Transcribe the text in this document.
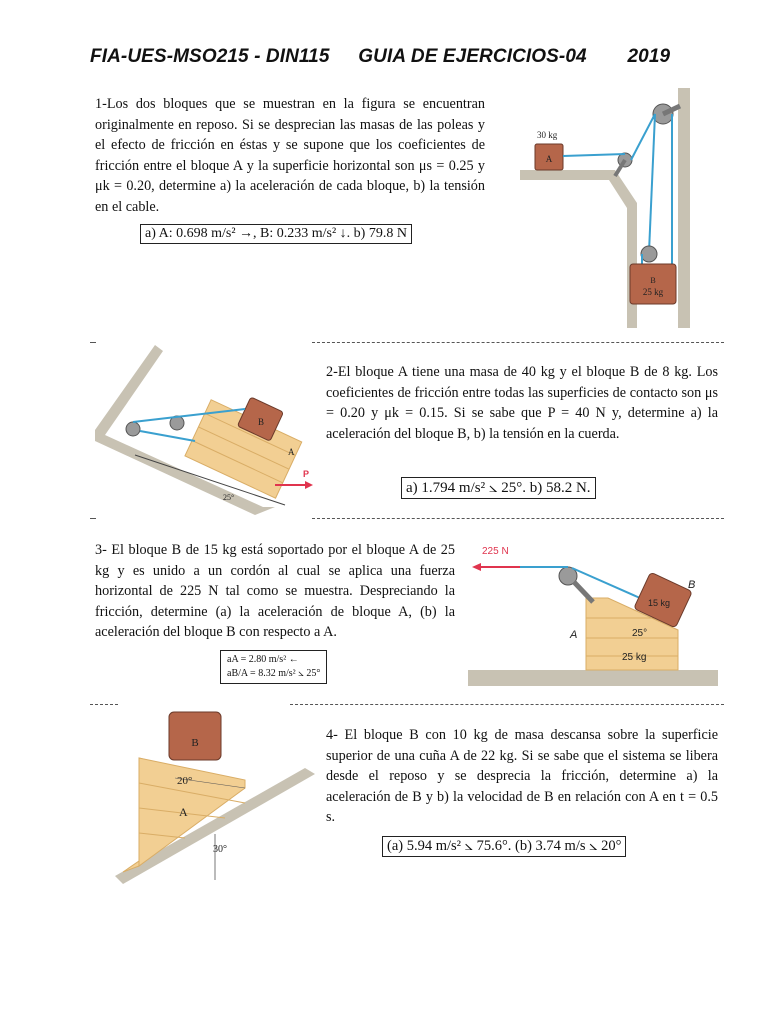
FIA-UES-MSO215 - DIN115 GUIA DE EJERCICIOS-04 2019
1-Los dos bloques que se muestran en la figura se encuentran originalmente en reposo. Si se desprecian las masas de las poleas y el efecto de fricción en éstas y se supone que los coeficientes de fricción entre el bloque A y la superficie horizontal son μs = 0.25 y μk = 0.20, determine a) la aceleración de cada bloque, b) la tensión en el cable.
a) A: 0.698 m/s² →, B: 0.233 m/s² ↓. b) 79.8 N
A
30 kg
B
25 kg
A
B
P
25°
2-El bloque A tiene una masa de 40 kg y el bloque B de 8 kg. Los coeficientes de fricción entre todas las superficies de contacto son μs = 0.20 y μk = 0.15. Si se sabe que P = 40 N y, determine a) la aceleración del bloque B, b) la tensión en la cuerda.
a) 1.794 m/s² ⦣ 25°. b) 58.2 N.
3- El bloque B de 15 kg está soportado por el bloque A de 25 kg y es unido a un cordón al cual se aplica una fuerza horizontal de 225 N tal como se muestra. Despreciando la fricción, determine (a) la aceleración de bloque A, (b) la aceleración del bloque B con respecto a A.
aA = 2.80 m/s² ←
aB/A = 8.32 m/s² ⦣ 25°
225 N
15 kg
B
25°
A
25 kg
B
20°
A
30°
4- El bloque B con 10 kg de masa descansa sobre la superficie superior de una cuña A de 22 kg. Si se sabe que el sistema se libera desde el reposo y se desprecia la fricción, determine a) la aceleración de B y b) la velocidad de B en relación con A en t = 0.5 s.
(a) 5.94 m/s² ⦣ 75.6°. (b) 3.74 m/s ⦣ 20°
